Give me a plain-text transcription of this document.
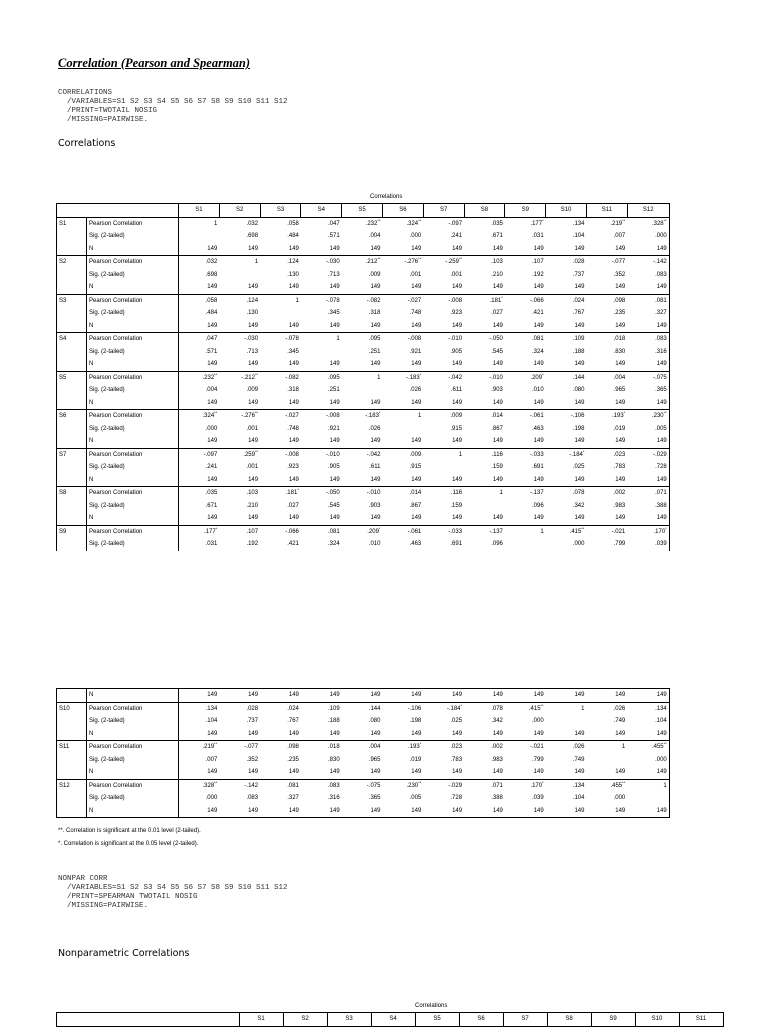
Correlation (Pearson and Spearman)
CORRELATIONS
/VARIABLES=S1 S2 S3 S4 S5 S6 S7 S8 S9 S10 S11 S12
/PRINT=TWOTAIL NOSIG
/MISSING=PAIRWISE.
Correlations
Correlations
		S1	S2	S3	S4	S5	S6	S7	S8	S9	S10	S11	S12
S1	Pearson Correlation	1	.032	.058	.047	.232**	.324**	-.097	.035	.177*	.134	.219**	.328**
	Sig. (2-tailed)		.698	.484	.571	.004	.000	.241	.671	.031	.104	.007	.000
	N	149	149	149	149	149	149	149	149	149	149	149	149
S2	Pearson Correlation	.032	1	.124	-.030	.212**	-.276**	-.259**	.103	.107	.028	-.077	-.142
	Sig. (2-tailed)	.698		.130	.713	.009	.001	.001	.210	.192	.737	.352	.083
	N	149	149	149	149	149	149	149	149	149	149	149	149
S3	Pearson Correlation	.058	.124	1	-.078	-.082	-.027	-.008	.181*	-.066	.024	.098	.081
	Sig. (2-tailed)	.484	.130		.345	.318	.748	.923	.027	.421	.767	.235	.327
	N	149	149	149	149	149	149	149	149	149	149	149	149
S4	Pearson Correlation	.047	-.030	-.078	1	.095	-.008	-.010	-.050	.081	.109	.018	.083
	Sig. (2-tailed)	.571	.713	.345		.251	.921	.905	.545	.324	.188	.830	.316
	N	149	149	149	149	149	149	149	149	149	149	149	149
S5	Pearson Correlation	.232**	-.212**	-.082	.095	1	-.183*	-.042	-.010	.209*	.144	.004	-.075
	Sig. (2-tailed)	.004	.009	.318	.251		.026	.611	.903	.010	.080	.965	.365
	N	149	149	149	149	149	149	149	149	149	149	149	149
S6	Pearson Correlation	.324**	-.276**	-.027	-.008	-.183*	1	.009	.014	-.061	-.106	.193*	.230**
	Sig. (2-tailed)	.000	.001	.748	.921	.026		.915	.867	.463	.198	.019	.005
	N	149	149	149	149	149	149	149	149	149	149	149	149
S7	Pearson Correlation	-.097	.259**	-.008	-.010	-.042	.009	1	.116	-.033	-.184*	.023	-.029
	Sig. (2-tailed)	.241	.001	.923	.905	.611	.915		.159	.691	.025	.783	.728
	N	149	149	149	149	149	149	149	149	149	149	149	149
S8	Pearson Correlation	.035	.103	.181*	-.050	-.010	.014	.116	1	-.137	.078	.002	.071
	Sig. (2-tailed)	.671	.210	.027	.545	.903	.867	.159		.096	.342	.983	.388
	N	149	149	149	149	149	149	149	149	149	149	149	149
S9	Pearson Correlation	.177*	.107	-.066	.081	.209*	-.061	-.033	-.137	1	.415**	-.021	.170*
	Sig. (2-tailed)	.031	.192	.421	.324	.010	.463	.691	.096		.000	.799	.039
	N	149	149	149	149	149	149	149	149	149	149	149	149
S10	Pearson Correlation	.134	.028	.024	.109	.144	-.106	-.184*	.078	.415**	1	.026	.134
	Sig. (2-tailed)	.104	.737	.767	.188	.080	.198	.025	.342	.000		.749	.104
	N	149	149	149	149	149	149	149	149	149	149	149	149
S11	Pearson Correlation	.219**	-.077	.098	.018	.004	.193*	.023	.002	-.021	.026	1	.455**
	Sig. (2-tailed)	.007	.352	.235	.830	.965	.019	.783	.983	.799	.749		.000
	N	149	149	149	149	149	149	149	149	149	149	149	149
S12	Pearson Correlation	.328**	-.142	.081	.083	-.075	.230**	-.029	.071	.170*	.134	.455**	1
	Sig. (2-tailed)	.000	.083	.327	.316	.365	.005	.728	.388	.039	.104	.000	
	N	149	149	149	149	149	149	149	149	149	149	149	149
**. Correlation is significant at the 0.01 level (2-tailed).
*. Correlation is significant at the 0.05 level (2-tailed).
NONPAR CORR
/VARIABLES=S1 S2 S3 S4 S5 S6 S7 S8 S9 S10 S11 S12
/PRINT=SPEARMAN TWOTAIL NOSIG
/MISSING=PAIRWISE.
Nonparametric Correlations
Correlations
		S1	S2	S3	S4	S5	S6	S7	S8	S9	S10	S11
